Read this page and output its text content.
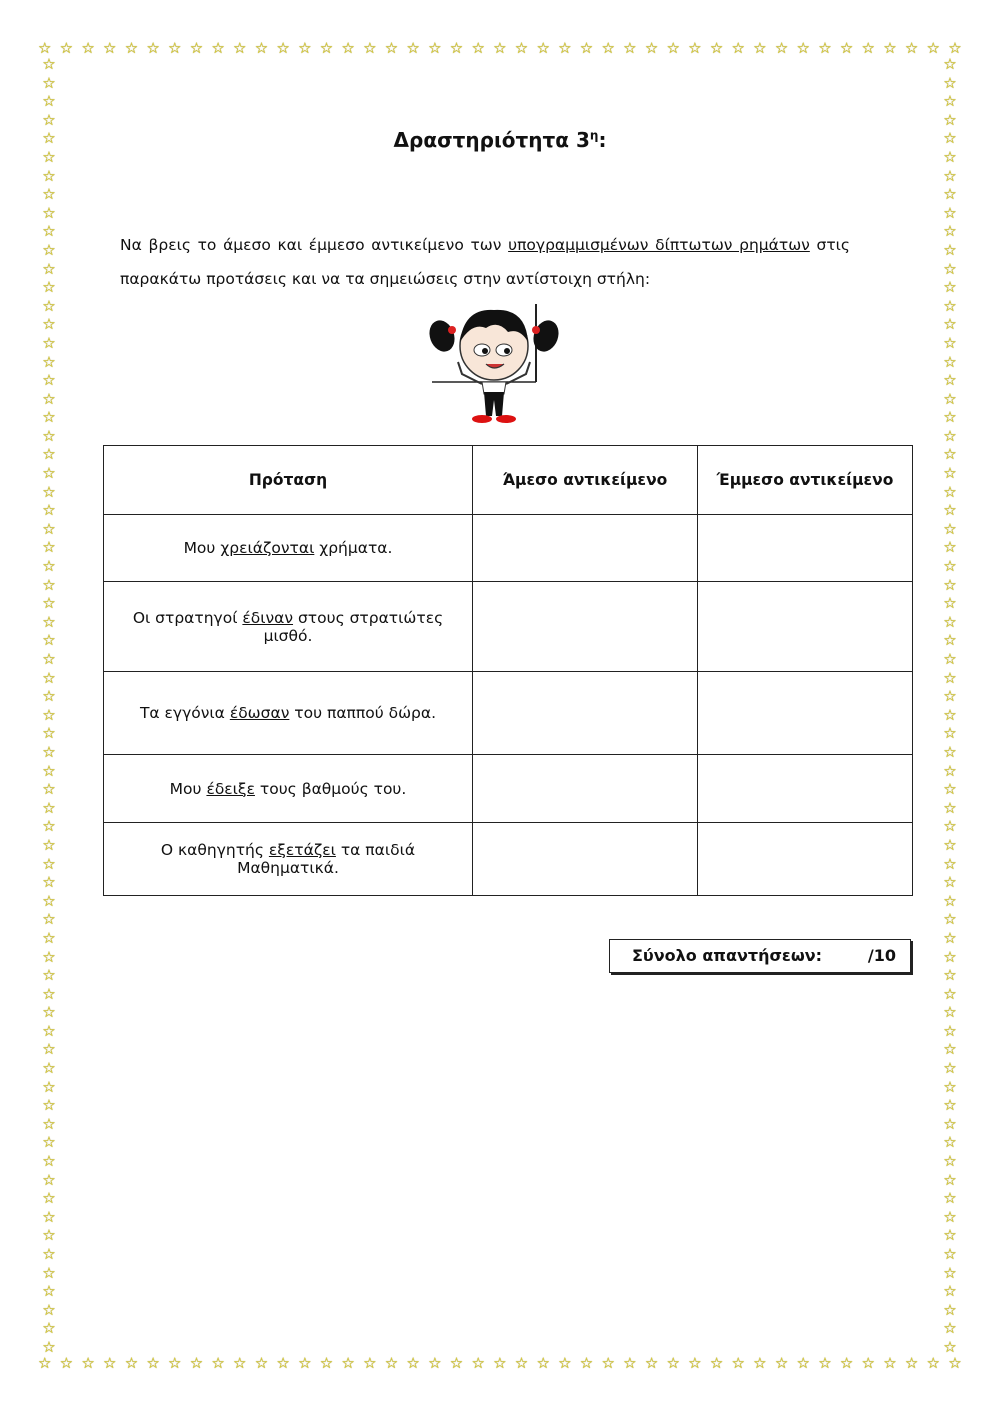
☆ ☆ ☆ ☆ ☆ ☆ ☆ ☆ ☆ ☆ ☆ ☆ ☆ ☆ ☆ ☆ ☆ ☆ ☆ ☆ ☆ ☆ ☆ ☆ ☆ ☆ ☆ ☆ ☆ ☆ ☆ ☆ ☆ ☆ ☆ ☆ ☆ ☆ ☆ ☆ ☆ ☆ ☆
☆ ☆ ☆ ☆ ☆ ☆ ☆ ☆ ☆ ☆ ☆ ☆ ☆ ☆ ☆ ☆ ☆ ☆ ☆ ☆ ☆ ☆ ☆ ☆ ☆ ☆ ☆ ☆ ☆ ☆ ☆ ☆ ☆ ☆ ☆ ☆ ☆ ☆ ☆ ☆ ☆ ☆ ☆
☆
☆
☆
☆
☆
☆
☆
☆
☆
☆
☆
☆
☆
☆
☆
☆
☆
☆
☆
☆
☆
☆
☆
☆
☆
☆
☆
☆
☆
☆
☆
☆
☆
☆
☆
☆
☆
☆
☆
☆
☆
☆
☆
☆
☆
☆
☆
☆
☆
☆
☆
☆
☆
☆
☆
☆
☆
☆
☆
☆
☆
☆
☆
☆
☆
☆
☆
☆
☆
☆
☆
☆
☆
☆
☆
☆
☆
☆
☆
☆
☆
☆
☆
☆
☆
☆
☆
☆
☆
☆
☆
☆
☆
☆
☆
☆
☆
☆
☆
☆
☆
☆
☆
☆
☆
☆
☆
☆
☆
☆
☆
☆
☆
☆
☆
☆
☆
☆
☆
☆
☆
☆
☆
☆
☆
☆
☆
☆
☆
☆
☆
☆
☆
☆
☆
☆
☆
☆
☆
☆
Δραστηριότητα $3^\eta$:
Να βρεις το άμεσο και έμμεσο αντικείμενο των υπογραμμισμένων δίπτωτων ρημάτων στις παρακάτω προτάσεις και να τα σημειώσεις στην αντίστοιχη στήλη:
Πρόταση	Άμεσο αντικείμενο	Έμμεσο αντικείμενο
Μου χρειάζονται χρήματα.		
Οι στρατηγοί έδιναν στους στρατιώτες μισθό.		
Τα εγγόνια έδωσαν του παππού δώρα.		
Μου έδειξε τους βαθμούς του.		
Ο καθηγητής εξετάζει τα παιδιά Μαθηματικά.		
Σύνολο απαντήσεων:	/10
